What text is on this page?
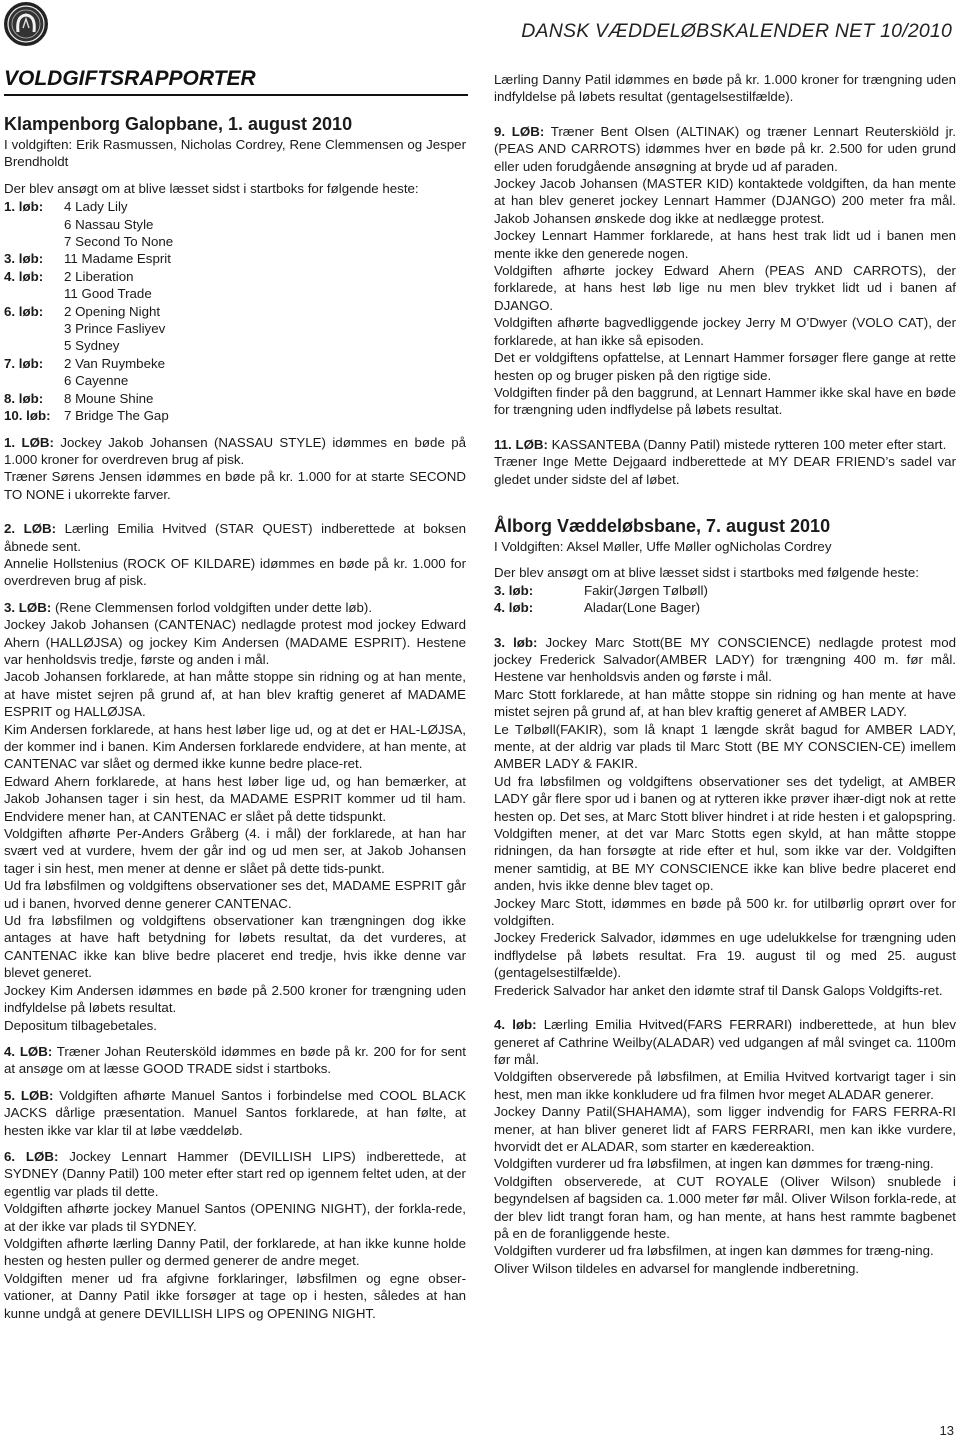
DANSK VÆDDELØBSKALENDER NET 10/2010
VOLDGIFTSRAPPORTER

Klampenborg Galopbane, 1. august 2010

I voldgiften: Erik Rasmussen, Nicholas Cordrey, Rene Clemmensen og Jesper Brendholdt

Der blev ansøgt om at blive læsset sidst i startboks for følgende heste:

1. løb:	4 Lady Lily
6 Nassau Style
7 Second To None
3. løb:	11 Madame Esprit
4. løb:	2 Liberation
11 Good Trade
6. løb:	2 Opening Night
3 Prince Fasliyev
5 Sydney
7. løb:	2 Van Ruymbeke
6 Cayenne
8. løb:	8 Moune Shine
10. løb:	7 Bridge The Gap

1. LØB: Jockey Jakob Johansen (NASSAU STYLE) idømmes en bøde på 1.000 kroner for overdreven brug af pisk.

Træner Sørens Jensen idømmes en bøde på kr. 1.000 for at starte SECOND TO NONE i ukorrekte farver.

2. LØB: Lærling Emilia Hvitved (STAR QUEST) indberettede at boksen åbnede sent.

Annelie Hollstenius (ROCK OF KILDARE) idømmes en bøde på kr. 1.000 for overdreven brug af pisk.

3. LØB: (Rene Clemmensen forlod voldgiften under dette løb).

Jockey Jakob Johansen (CANTENAC) nedlagde protest mod jockey Edward Ahern (HALLØJSA) og jockey Kim Andersen (MADAME ESPRIT). Hestene var henholdsvis tredje, første og anden i mål.

Jacob Johansen forklarede, at han måtte stoppe sin ridning og at han mente, at have mistet sejren på grund af, at han blev kraftig generet af MADAME ESPRIT og HALLØJSA.

Kim Andersen forklarede, at hans hest løber lige ud, og at det er HAL-LØJSA, der kommer ind i banen. Kim Andersen forklarede endvidere, at han mente, at CANTENAC var slået og dermed ikke kunne bedre place-ret.

Edward Ahern forklarede, at hans hest løber lige ud, og han bemærker, at Jakob Johansen tager i sin hest, da MADAME ESPRIT kommer ud til ham. Endvidere mener han, at CANTENAC er slået på dette tidspunkt.

Voldgiften afhørte Per-Anders Gråberg (4. i mål) der forklarede, at han har svært ved at vurdere, hvem der går ind og ud men ser, at Jakob Johansen tager i sin hest, men mener at denne er slået på dette tids-punkt.

Ud fra løbsfilmen og voldgiftens observationer ses det, MADAME ESPRIT går ud i banen, hvorved denne generer CANTENAC.

Ud fra løbsfilmen og voldgiftens observationer kan trængningen dog ikke antages at have haft betydning for løbets resultat, da det vurderes, at CANTENAC ikke kan blive bedre placeret end tredje, hvis ikke denne var blevet generet.

Jockey Kim Andersen idømmes en bøde på 2.500 kroner for trængning uden indfyldelse på løbets resultat.

Depositum tilbagebetales.

4. LØB: Træner Johan Reutersköld idømmes en bøde på kr. 200 for for sent at ansøge om at læsse GOOD TRADE sidst i startboks.

5. LØB: Voldgiften afhørte Manuel Santos i forbindelse med COOL BLACK JACKS dårlige præsentation. Manuel Santos forklarede, at han følte, at hesten ikke var klar til at løbe væddeløb.

6. LØB: Jockey Lennart Hammer (DEVILLISH LIPS) indberettede, at SYDNEY (Danny Patil) 100 meter efter start red op igennem feltet uden, at der egentlig var plads til dette.

Voldgiften afhørte jockey Manuel Santos (OPENING NIGHT), der forkla-rede, at der ikke var plads til SYDNEY.

Voldgiften afhørte lærling Danny Patil, der forklarede, at han ikke kunne holde hesten og hesten puller og dermed generer de andre meget.

Voldgiften mener ud fra afgivne forklaringer, løbsfilmen og egne obser-vationer, at Danny Patil ikke forsøger at tage op i hesten, således at han kunne undgå at genere DEVILLISH LIPS og OPENING NIGHT.

Lærling Danny Patil idømmes en bøde på kr. 1.000 kroner for trængning uden indfyldelse på løbets resultat (gentagelsestilfælde).

9. LØB: Træner Bent Olsen (ALTINAK) og træner Lennart Reuterskiöld jr. (PEAS AND CARROTS) idømmes hver en bøde på kr. 2.500 for uden grund eller uden forudgående ansøgning at bryde ud af paraden.

Jockey Jacob Johansen (MASTER KID) kontaktede voldgiften, da han mente at han blev generet jockey Lennart Hammer (DJANGO) 200 meter fra mål. Jakob Johansen ønskede dog ikke at nedlægge protest.

Jockey Lennart Hammer forklarede, at hans hest trak lidt ud i banen men mente ikke den generede nogen.

Voldgiften afhørte jockey Edward Ahern (PEAS AND CARROTS), der forklarede, at hans hest løb lige nu men blev trykket lidt ud i banen af DJANGO.

Voldgiften afhørte bagvedliggende jockey Jerry M O’Dwyer (VOLO CAT), der forklarede, at han ikke så episoden.

Det er voldgiftens opfattelse, at Lennart Hammer forsøger flere gange at rette hesten op og bruger pisken på den rigtige side.

Voldgiften finder på den baggrund, at Lennart Hammer ikke skal have en bøde for trængning uden indflydelse på løbets resultat.

11. LØB: KASSANTEBA (Danny Patil) mistede rytteren 100 meter efter start.

Træner Inge Mette Dejgaard indberettede at MY DEAR FRIEND’s sadel var gledet under sidste del af løbet.

Ålborg Væddeløbsbane, 7. august 2010

I Voldgiften: Aksel Møller, Uffe Møller ogNicholas Cordrey

Der blev ansøgt om at blive læsset sidst i startboks med følgende heste:

3. løb:	Fakir(Jørgen Tølbøll)
4. løb:	Aladar(Lone Bager)

3. løb: Jockey Marc Stott(BE MY CONSCIENCE) nedlagde protest mod jockey Frederick Salvador(AMBER LADY) for trængning 400 m. før mål. Hestene var henholdsvis anden og første i mål.

Marc Stott forklarede, at han måtte stoppe sin ridning og han mente at have mistet sejren på grund af, at han blev kraftig generet af AMBER LADY.

Le Tølbøll(FAKIR), som lå knapt 1 længde skråt bagud for AMBER LADY, mente, at der aldrig var plads til Marc Stott (BE MY CONSCIEN-CE) imellem AMBER LADY & FAKIR.

Ud fra løbsfilmen og voldgiftens observationer ses det tydeligt, at AMBER LADY går flere spor ud i banen og at rytteren ikke prøver ihær-digt nok at rette hesten op. Det ses, at Marc Stott bliver hindret i at ride hesten i et galopspring. Voldgiften mener, at det var Marc Stotts egen skyld, at han måtte stoppe ridningen, da han forsøgte at ride efter et hul, som ikke var der. Voldgiften mener samtidig, at BE MY CONSCIENCE ikke kan blive bedre placeret end anden, hvis ikke denne blev taget op.

Jockey Marc Stott, idømmes en bøde på 500 kr. for utilbørlig oprørt over for voldgiften.

Jockey Frederick Salvador, idømmes en uge udelukkelse for trængning uden indflydelse på løbets resultat. Fra 19. august til og med 25. august (gentagelsestilfælde).

Frederick Salvador har anket den idømte straf til Dansk Galops Voldgifts-ret.

4. løb: Lærling Emilia Hvitved(FARS FERRARI) indberettede, at hun blev generet af Cathrine Weilby(ALADAR) ved udgangen af mål svinget ca. 1100m før mål.

Voldgiften observerede på løbsfilmen, at Emilia Hvitved kortvarigt tager i sin hest, men man ikke konkludere ud fra filmen hvor meget ALADAR generer.

Jockey Danny Patil(SHAHAMA), som ligger indvendig for FARS FERRA-RI mener, at han bliver generet lidt af FARS FERRARI, men kan ikke vurdere, hvorvidt det er ALADAR, som starter en kædereaktion.

Voldgiften vurderer ud fra løbsfilmen, at ingen kan dømmes for træng-ning.

Voldgiften observerede, at CUT ROYALE (Oliver Wilson) snublede i begyndelsen af bagsiden ca. 1.000 meter før mål. Oliver Wilson forkla-rede, at der blev lidt trangt foran ham, og han mente, at hans hest rammte bagbenet på en de foranliggende heste.

Voldgiften vurderer ud fra løbsfilmen, at ingen kan dømmes for træng-ning.

Oliver Wilson tildeles en advarsel for manglende indberetning.

13
